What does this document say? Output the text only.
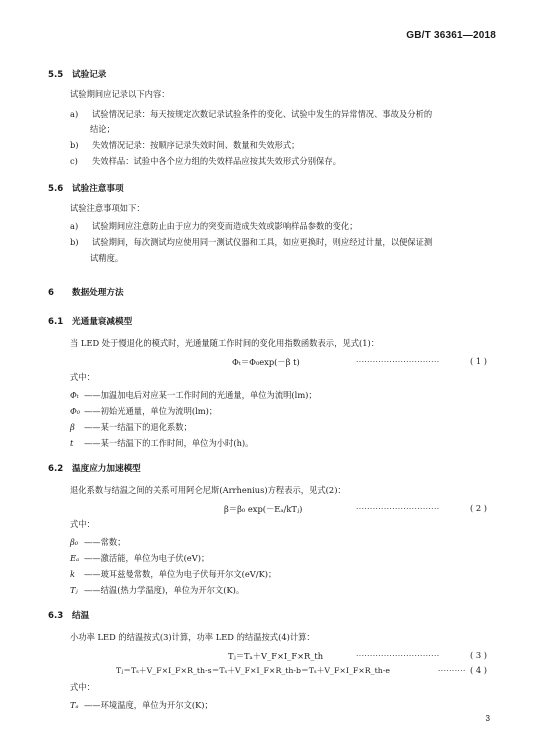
GB/T 36361—2018
5.5 试验记录
试验期间应记录以下内容：
a) 试验情况记录：每天按规定次数记录试验条件的变化、试验中发生的异常情况、事故及分析的
结论；
b) 失效情况记录：按顺序记录失效时间、数量和失效形式；
c) 失效样品：试验中各个应力组的失效样品应按其失效形式分别保存。
5.6 试验注意事项
试验注意事项如下：
a) 试验期间应注意防止由于应力的突变而造成失效或影响样品参数的变化；
b) 试验期间，每次测试均应使用同一测试仪器和工具，如应更换时，则应经过计量，以便保证测
试精度。
6 数据处理方法
6.1 光通量衰减模型
当 LED 处于慢退化的模式时，光通量随工作时间的变化用指数函数表示，见式(1)：
Φₜ＝Φ₀exp(－β t)	······························	( 1 )
式中：
Φₜ ——加温加电后对应某一工作时间的光通量，单位为流明(lm)；
Φ₀ ——初始光通量，单位为流明(lm)；
β ——某一结温下的退化系数；
t ——某一结温下的工作时间，单位为小时(h)。
6.2 温度应力加速模型
退化系数与结温之间的关系可用阿仑尼斯(Arrhenius)方程表示，见式(2)：
β＝β₀ exp(－Eₐ/kTⱼ)	······························	( 2 )
式中：
β₀ ——常数；
Eₐ ——激活能，单位为电子伏(eV)；
k ——玻耳兹曼常数，单位为电子伏每开尔文(eV/K)；
Tⱼ ——结温(热力学温度)，单位为开尔文(K)。
6.3 结温
小功率 LED 的结温按式(3)计算，功率 LED 的结温按式(4)计算：
Tⱼ＝Tₐ＋V_F×I_F×R_th	······························	( 3 )
Tⱼ＝Tₛ＋V_F×I_F×R_th-s＝Tₛ＋V_F×I_F×R_th-b＝Tₛ＋V_F×I_F×R_th-e	·········· ( 4 )
式中：
Tₐ ——环境温度，单位为开尔文(K)；
3
